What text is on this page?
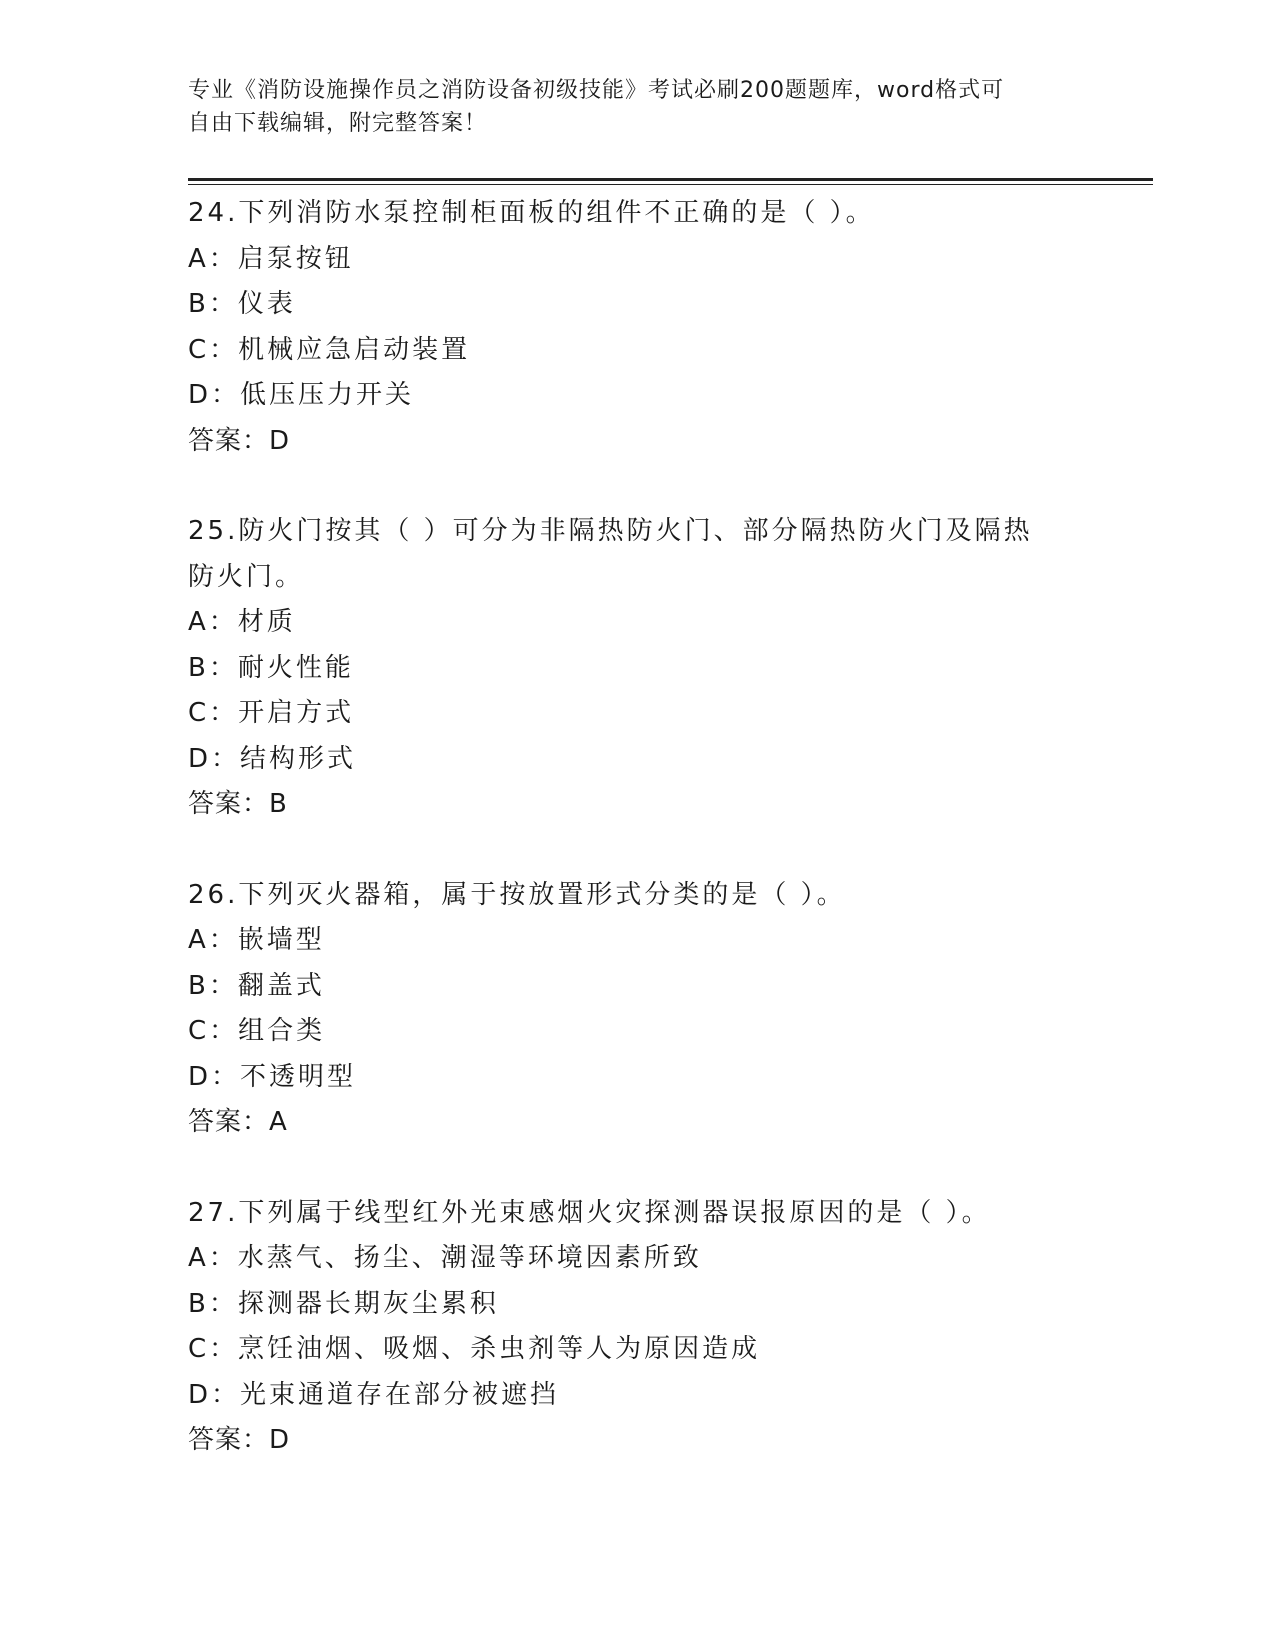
专业《消防设施操作员之消防设备初级技能》考试必刷200题题库，word格式可
自由下载编辑，附完整答案！
24.下列消防水泵控制柜面板的组件不正确的是（ ）。
A：启泵按钮
B：仪表
C：机械应急启动装置
D：低压压力开关
答案：D
25.防火门按其（ ）可分为非隔热防火门、部分隔热防火门及隔热防火门。
A：材质
B：耐火性能
C：开启方式
D：结构形式
答案：B
26.下列灭火器箱，属于按放置形式分类的是（ ）。
A：嵌墙型
B：翻盖式
C：组合类
D：不透明型
答案：A
27.下列属于线型红外光束感烟火灾探测器误报原因的是（ ）。
A：水蒸气、扬尘、潮湿等环境因素所致
B：探测器长期灰尘累积
C：烹饪油烟、吸烟、杀虫剂等人为原因造成
D：光束通道存在部分被遮挡
答案：D
